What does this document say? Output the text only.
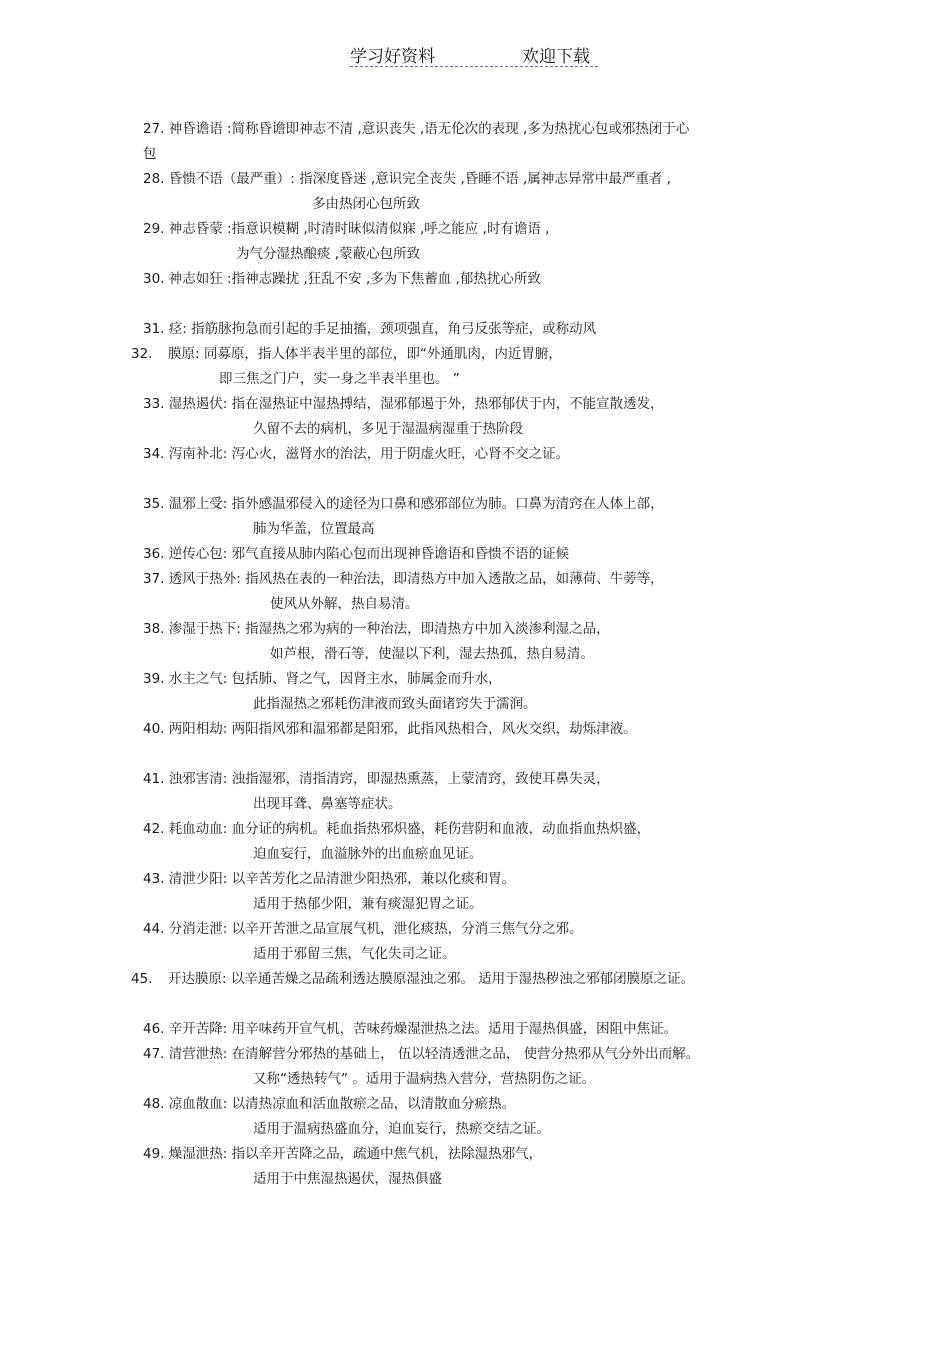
学习好资料	欢迎下载
27. 神昏谵语 :简称昏谵即神志不清 ,意识丧失 ,语无伦次的表现 ,多为热扰心包或邪热闭于心
包
28. 昏愦不语（最严重）: 指深度昏迷 ,意识完全丧失 ,昏睡不语 ,属神志异常中最严重者 ,
多由热闭心包所致
29. 神志昏蒙 :指意识模糊 ,时清时昧似清似寐 ,呼之能应 ,时有谵语 ,
为气分湿热酿痰 ,蒙蔽心包所致
30. 神志如狂 :指神志躁扰 ,狂乱不安 ,多为下焦蓄血 ,郁热扰心所致
31. 痉: 指筋脉拘急而引起的手足抽搐，颈项强直，角弓反张等症，或称动风
32. 膜原: 同募原，指人体半表半里的部位，即“外通肌肉，内近胃腑，
即三焦之门户，实一身之半表半里也。 ”
33. 湿热遏伏: 指在湿热证中湿热搏结，湿邪郁遏于外，热邪郁伏于内，不能宣散透发，
久留不去的病机，多见于湿温病湿重于热阶段
34. 泻南补北: 泻心火，滋肾水的治法，用于阴虚火旺，心肾不交之证。
35. 温邪上受: 指外感温邪侵入的途径为口鼻和感邪部位为肺。口鼻为清窍在人体上部，
肺为华盖，位置最高
36. 逆传心包: 邪气直接从肺内陷心包而出现神昏谵语和昏愦不语的证候
37. 透风于热外: 指风热在表的一种治法，即清热方中加入透散之品，如薄荷、牛蒡等，
使风从外解，热自易清。
38. 渗湿于热下: 指湿热之邪为病的一种治法，即清热方中加入淡渗利湿之品，
如芦根，滑石等，使湿以下利，湿去热孤，热自易清。
39. 水主之气: 包括肺、肾之气，因肾主水，肺属金而升水，
此指湿热之邪耗伤津液而致头面诸窍失于濡润。
40. 两阳相劫: 两阳指风邪和温邪都是阳邪，此指风热相合，风火交织，劫烁津液。
41. 浊邪害清: 浊指湿邪，清指清窍，即湿热熏蒸，上蒙清窍，致使耳鼻失灵，
出现耳聋、鼻塞等症状。
42. 耗血动血: 血分证的病机。耗血指热邪炽盛，耗伤营阴和血液，动血指血热炽盛，
迫血妄行，血溢脉外的出血瘀血见证。
43. 清泄少阳: 以辛苦芳化之品清泄少阳热邪，兼以化痰和胃。
适用于热郁少阳，兼有痰湿犯胃之证。
44. 分消走泄: 以辛开苦泄之品宣展气机，泄化痰热，分消三焦气分之邪。
适用于邪留三焦，气化失司之证。
45. 开达膜原: 以辛通苦燥之品疏利透达膜原湿浊之邪。 适用于湿热秽浊之邪郁闭膜原之证。
46. 辛开苦降: 用辛味药开宣气机，苦味药燥湿泄热之法。适用于湿热俱盛，困阻中焦证。
47. 清营泄热: 在清解营分邪热的基础上， 伍以轻清透泄之品， 使营分热邪从气分外出而解。
又称“透热转气” 。适用于温病热入营分，营热阴伤之证。
48. 凉血散血: 以清热凉血和活血散瘀之品，以清散血分瘀热。
适用于温病热盛血分，迫血妄行，热瘀交结之证。
49. 燥湿泄热: 指以辛开苦降之品，疏通中焦气机，祛除湿热邪气，
适用于中焦湿热遏伏，湿热俱盛
